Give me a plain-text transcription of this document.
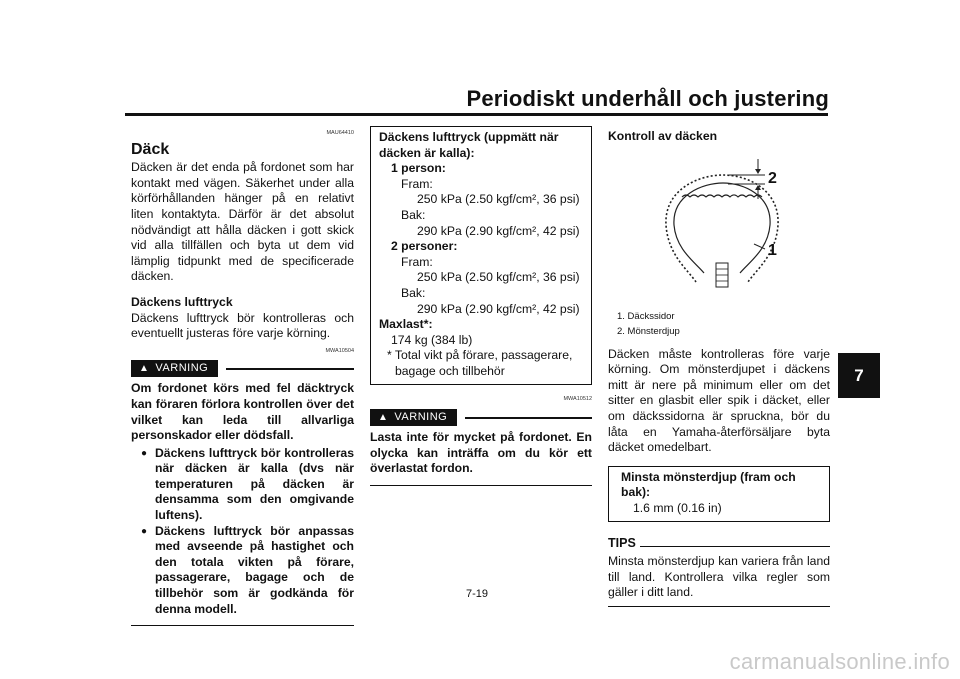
Periodiskt underhåll och justering
7
MAU64410
Däck
Däcken är det enda på fordonet som har kontakt med vägen. Säkerhet under alla körförhållanden hänger på en relativt liten kontaktyta. Därför är det absolut nödvändigt att hålla däcken i gott skick vid alla tillfällen och byta ut dem vid lämplig tidpunkt med de specificerade däcken.
Däckens lufttryck
Däckens lufttryck bör kontrolleras och eventuellt justeras före varje körning.
MWA10504
▲ VARNING
Om fordonet körs med fel däcktryck kan föraren förlora kontrollen över det vilket kan leda till allvarliga personskador eller dödsfall.
● Däckens lufttryck bör kontrolleras när däcken är kalla (dvs när temperaturen på däcken är densamma som den omgivande luftens).
● Däckens lufttryck bör anpassas med avseende på hastighet och den totala vikten på förare, passagerare, bagage och de tillbehör som är godkända för denna modell.
Däckens lufttryck (uppmätt när däcken är kalla):
1 person:
Fram:
250 kPa (2.50 kgf/cm², 36 psi)
Bak:
290 kPa (2.90 kgf/cm², 42 psi)
2 personer:
Fram:
250 kPa (2.50 kgf/cm², 36 psi)
Bak:
290 kPa (2.90 kgf/cm², 42 psi)
Maxlast*:
174 kg (384 lb)
* Total vikt på förare, passagerare, bagage och tillbehör
MWA10512
▲ VARNING
Lasta inte för mycket på fordonet. En olycka kan inträffa om du kör ett överlastat fordon.
Kontroll av däcken
2
1
1. Däckssidor
2. Mönsterdjup
Däcken måste kontrolleras före varje körning. Om mönsterdjupet i däckens mitt är nere på minimum eller om det sitter en glasbit eller spik i däcket, eller om däckssidorna är spruckna, bör du låta en Yamaha-återförsäljare byta däcket omedelbart.
Minsta mönsterdjup (fram och bak):
1.6 mm (0.16 in)
TIPS
Minsta mönsterdjup kan variera från land till land. Kontrollera vilka regler som gäller i ditt land.
7-19
carmanualsonline.info
